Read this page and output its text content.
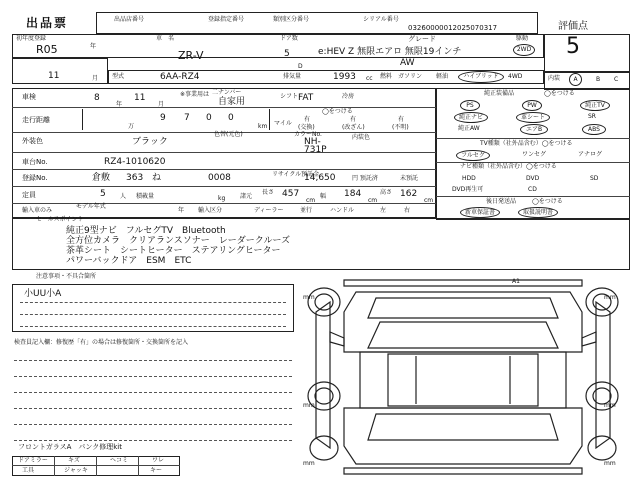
出品票	出品店番号	登録指定番号	類別区分番号	シリアル番号
03260000012025070317	評価点
5
初年度登録
R05	年
車　名
ZR-V
ドア数
5
D
グレード
e:HEV Z 無限エアロ 無限19インチ
AW
駆動
2WD
11	月 型式	6AA-RZ4	排気量	1993 cc 燃料 ガソリン 軽油	ハイブリッド	4WD	内装	A	B C
車検	8
年
11
月
※事業用は 二ナンバー
自家用
シフト FAT	冷房
走行距離	9
万
7 0 0
km マイル
◯をつける
有
(交換)
有
(改ざん)
有
(不明)
外装色	ブラック
色替(元色)	カラーNo.
NH-
731P
内装色
車台No.	RZ4-1010620
リサイクル預託金
14,650	円 預託済	未預託
登録No.	倉敷 363 ね	0008
定員	5 人 積載量	kg 諸元
長さ 457
cm
幅 184
cm
高さ 162
cm
輸入車のみ
モデル年式
年 輸入区分	ディーラー	並行	ハンドル	左	右
純正装備品	◯をつける
PS	PW	純正TV
純正ナビ	革シート	SR
純正AW	エアB	ABS
TV種類（社外品含む）◯をつける
フルセグ	ワンセグ	アナログ
ナビ種類（社外品含む）◯をつける
HDD	DVD	SD
DVD再生可	CD
後日発送品	◯をつける
新車保証書	取扱説明書
セールスポイント
純正9型ナビ　フルセグTV　Bluetooth
全方位カメラ　クリアランスソナー　レーダークルーズ
茶革シート　シートヒーター　ステアリングヒーター
パワーバックドア　ESM　ETC
注意事項・不具合箇所
小UU小A
検査員記入欄：修復歴「有」の場合は修復箇所・交換箇所を記入
フロントガラスA　パンク修理kit
ドアミラー	キズ	ヘコミ	ワレ
工具	ジャッキ	キー
A1
mm	mm
mm	mm
mm	mm
